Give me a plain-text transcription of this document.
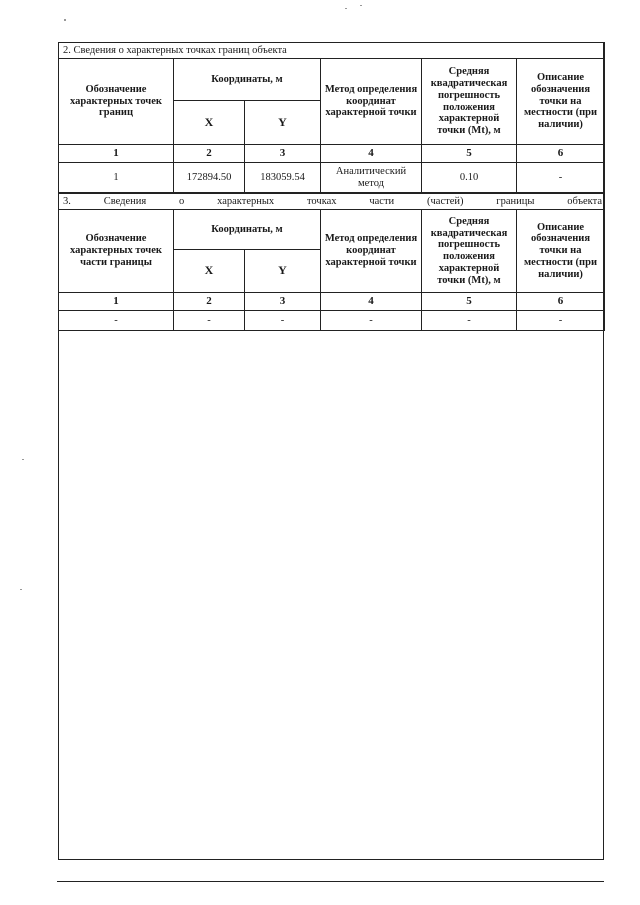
2. Сведения о характерных точках границ объекта					
Обозначение характерных точек границ	Координаты, м		Метод определения координат характерной точки	Средняя квадратическая погрешность положения характерной точки (Mt), м	Описание обозначения точки на местности (при наличии)
	X	Y			
1	2	3	4	5	6
1	172894.50	183059.54	Аналитический метод	0.10	-
3. Сведения о характерных точках части (частей) границы объекта					
Обозначение характерных точек части границы	Координаты, м		Метод определения координат характерной точки	Средняя квадратическая погрешность положения характерной точки (Mt), м	Описание обозначения точки на местности (при наличии)
	X	Y			
1	2	3	4	5	6
-	-	-	-	-	-
